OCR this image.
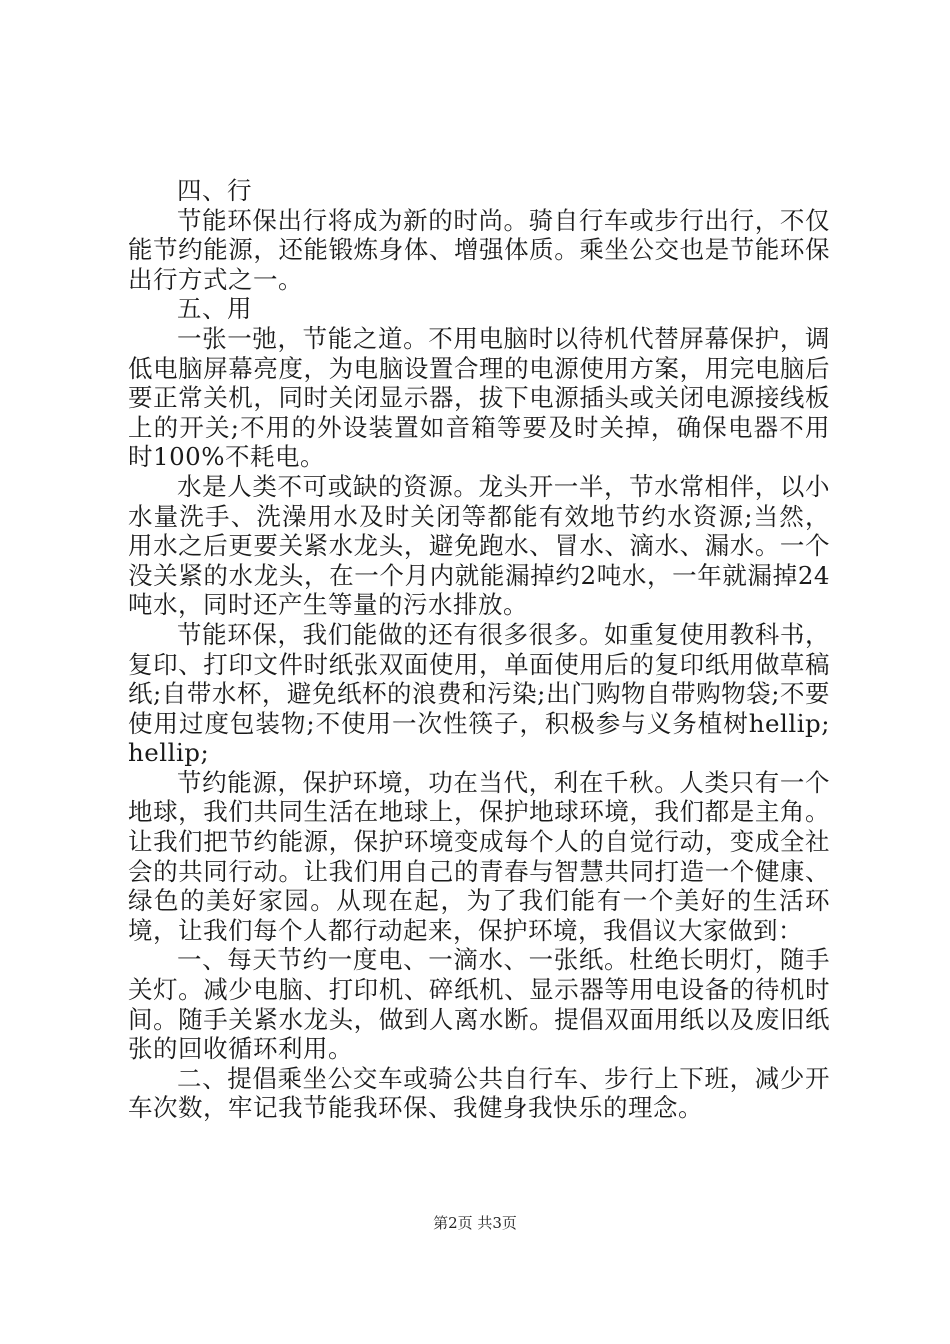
四、行

节能环保出行将成为新的时尚。骑自行车或步行出行，不仅能节约能源，还能锻炼身体、增强体质。乘坐公交也是节能环保出行方式之一。

五、用

一张一弛，节能之道。不用电脑时以待机代替屏幕保护，调低电脑屏幕亮度，为电脑设置合理的电源使用方案，用完电脑后要正常关机，同时关闭显示器，拔下电源插头或关闭电源接线板上的开关;不用的外设装置如音箱等要及时关掉，确保电器不用时100%不耗电。

水是人类不可或缺的资源。龙头开一半，节水常相伴，以小水量洗手、洗澡用水及时关闭等都能有效地节约水资源;当然，用水之后更要关紧水龙头，避免跑水、冒水、滴水、漏水。一个没关紧的水龙头，在一个月内就能漏掉约2吨水，一年就漏掉24吨水，同时还产生等量的污水排放。

节能环保，我们能做的还有很多很多。如重复使用教科书，复印、打印文件时纸张双面使用，单面使用后的复印纸用做草稿纸;自带水杯，避免纸杯的浪费和污染;出门购物自带购物袋;不要使用过度包装物;不使用一次性筷子，积极参与义务植树hellip;hellip;

节约能源，保护环境，功在当代，利在千秋。人类只有一个地球，我们共同生活在地球上，保护地球环境，我们都是主角。让我们把节约能源，保护环境变成每个人的自觉行动，变成全社会的共同行动。让我们用自己的青春与智慧共同打造一个健康、绿色的美好家园。从现在起，为了我们能有一个美好的生活环境，让我们每个人都行动起来，保护环境，我倡议大家做到：

一、每天节约一度电、一滴水、一张纸。杜绝长明灯，随手关灯。减少电脑、打印机、碎纸机、显示器等用电设备的待机时间。随手关紧水龙头，做到人离水断。提倡双面用纸以及废旧纸张的回收循环利用。

二、提倡乘坐公交车或骑公共自行车、步行上下班，减少开车次数，牢记我节能我环保、我健身我快乐的理念。

第2页 共3页
